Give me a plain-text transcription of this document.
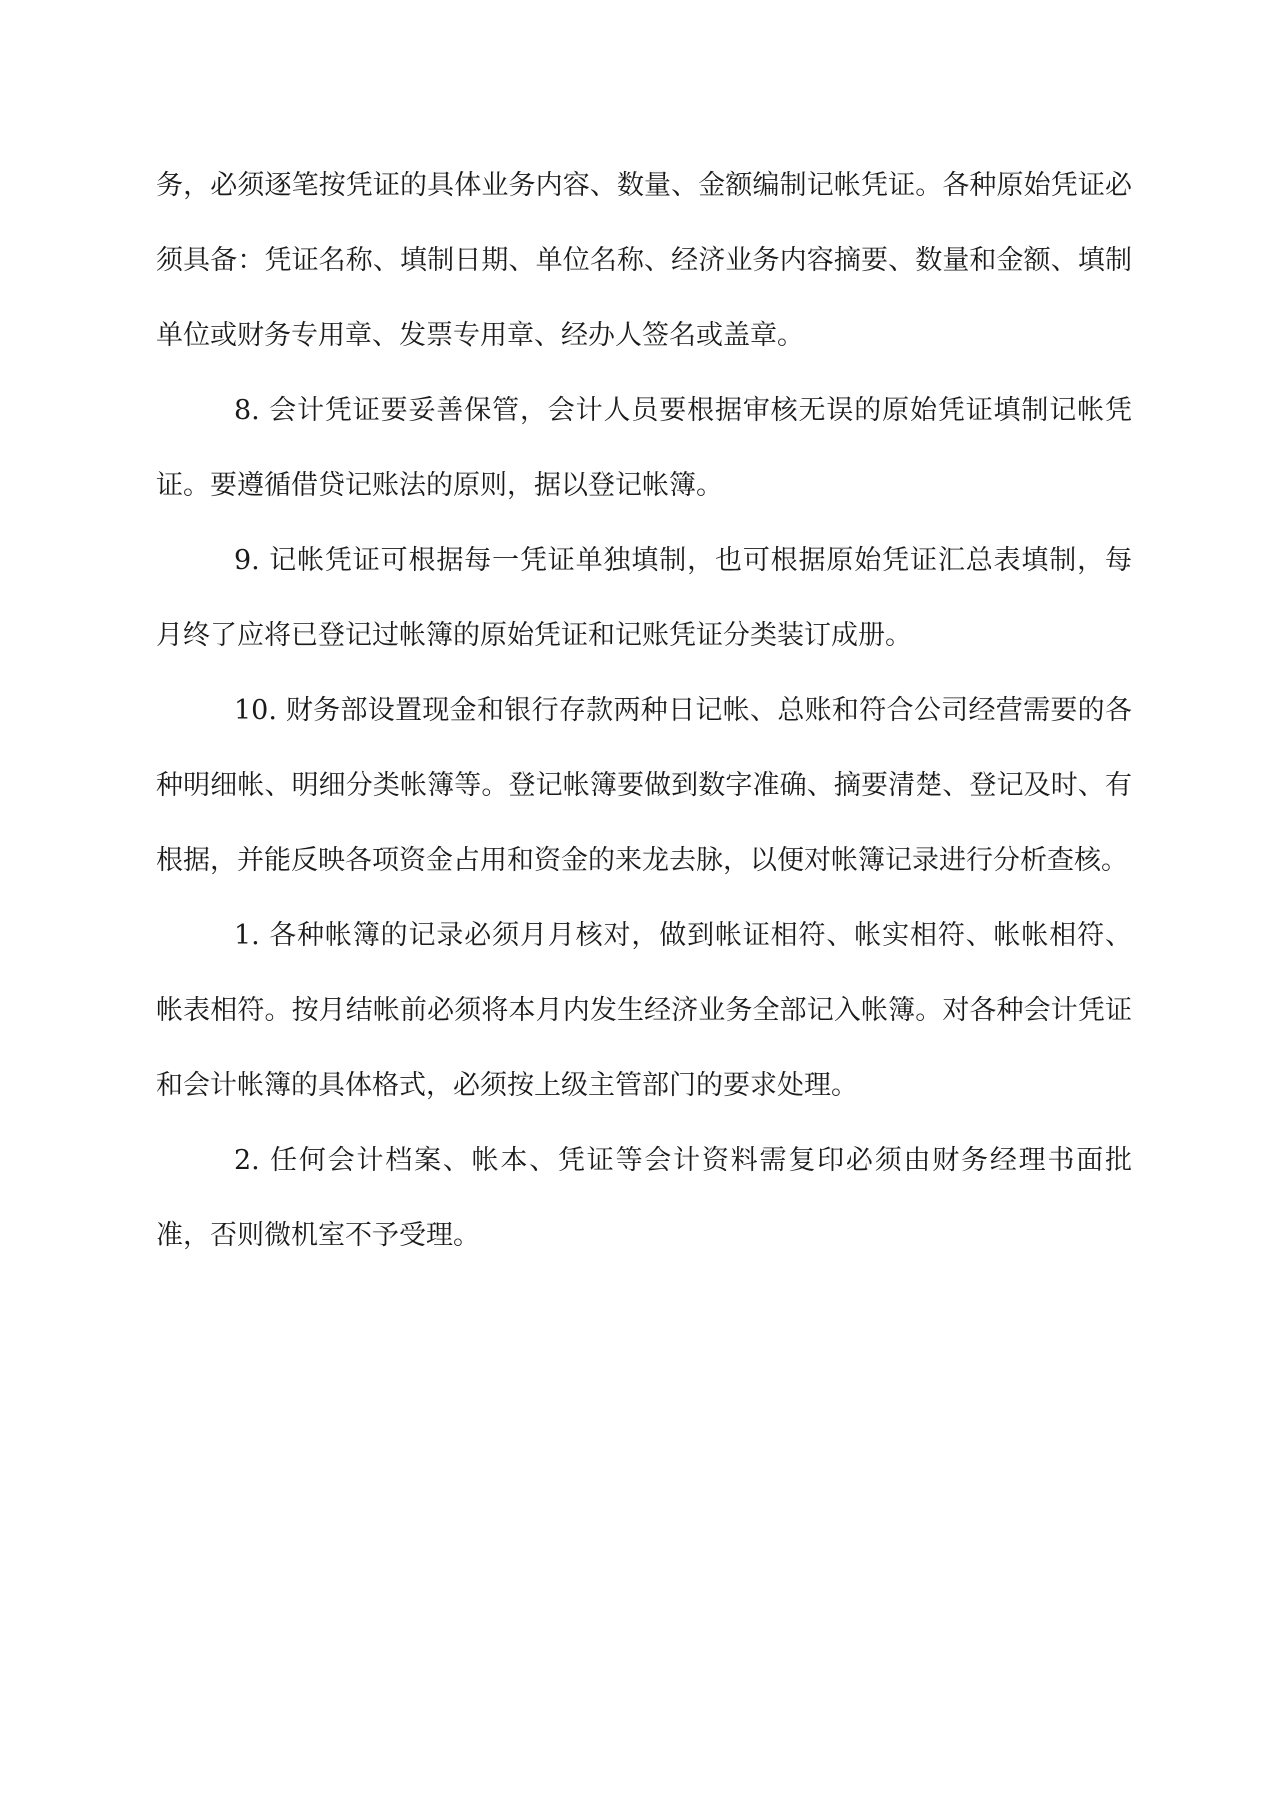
务，必须逐笔按凭证的具体业务内容、数量、金额编制记帐凭证。各种原始凭证必须具备：凭证名称、填制日期、单位名称、经济业务内容摘要、数量和金额、填制单位或财务专用章、发票专用章、经办人签名或盖章。

8. 会计凭证要妥善保管，会计人员要根据审核无误的原始凭证填制记帐凭证。要遵循借贷记账法的原则，据以登记帐簿。

9. 记帐凭证可根据每一凭证单独填制，也可根据原始凭证汇总表填制，每月终了应将已登记过帐簿的原始凭证和记账凭证分类装订成册。

10. 财务部设置现金和银行存款两种日记帐、总账和符合公司经营需要的各种明细帐、明细分类帐簿等。登记帐簿要做到数字准确、摘要清楚、登记及时、有根据，并能反映各项资金占用和资金的来龙去脉，以便对帐簿记录进行分析查核。

1. 各种帐簿的记录必须月月核对，做到帐证相符、帐实相符、帐帐相符、帐表相符。按月结帐前必须将本月内发生经济业务全部记入帐簿。对各种会计凭证和会计帐簿的具体格式，必须按上级主管部门的要求处理。

2. 任何会计档案、帐本、凭证等会计资料需复印必须由财务经理书面批准，否则微机室不予受理。
